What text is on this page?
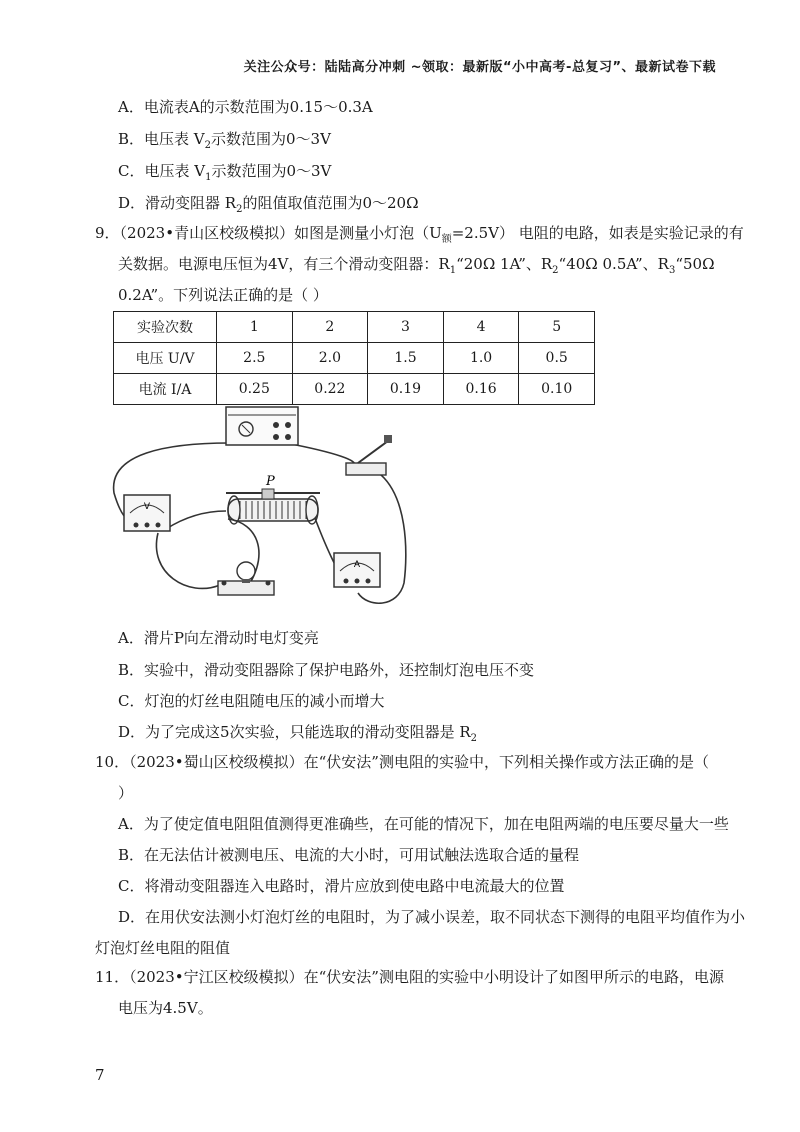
关注公众号：陆陆高分冲刺 ~领取：最新版“小中高考-总复习”、最新试卷下载
A．电流表A的示数范围为0.15～0.3A
B．电压表 $V_2$示数范围为0～3V
C．电压表 $V_1$示数范围为0～3V
D．滑动变阻器 $R_2$的阻值取值范围为0～20Ω
9．（2023•青山区校级模拟）如图是测量小灯泡$(U_额=2.5V)$ 电阻的电路，如表是实验记录的有
关数据。电源电压恒为4V，有三个滑动变阻器：$R_1“20\Omega$ 1A”、$R_2“40\Omega$ 0.5A”、$R_3“50\Omega$
0.2A”。下列说法正确的是（ ）
实验次数	1	2	3	4	5
电压 U/V	2.5	2.0	1.5	1.0	0.5
电流 I/A	0.25	0.22	0.19	0.16	0.10
V
P
A
A．滑片P向左滑动时电灯变亮
B．实验中，滑动变阻器除了保护电路外，还控制灯泡电压不变
C．灯泡的灯丝电阻随电压的减小而增大
D．为了完成这5次实验，只能选取的滑动变阻器是 $R_2$
10．（2023•蜀山区校级模拟）在“伏安法”测电阻的实验中，下列相关操作或方法正确的是（
）
A．为了使定值电阻阻值测得更准确些，在可能的情况下，加在电阻两端的电压要尽量大一些
B．在无法估计被测电压、电流的大小时，可用试触法选取合适的量程
C．将滑动变阻器连入电路时，滑片应放到使电路中电流最大的位置
D．在用伏安法测小灯泡灯丝的电阻时，为了减小误差，取不同状态下测得的电阻平均值作为小
灯泡灯丝电阻的阻值
11．（2023•宁江区校级模拟）在“伏安法”测电阻的实验中小明设计了如图甲所示的电路，电源
电压为4.5V。
7
